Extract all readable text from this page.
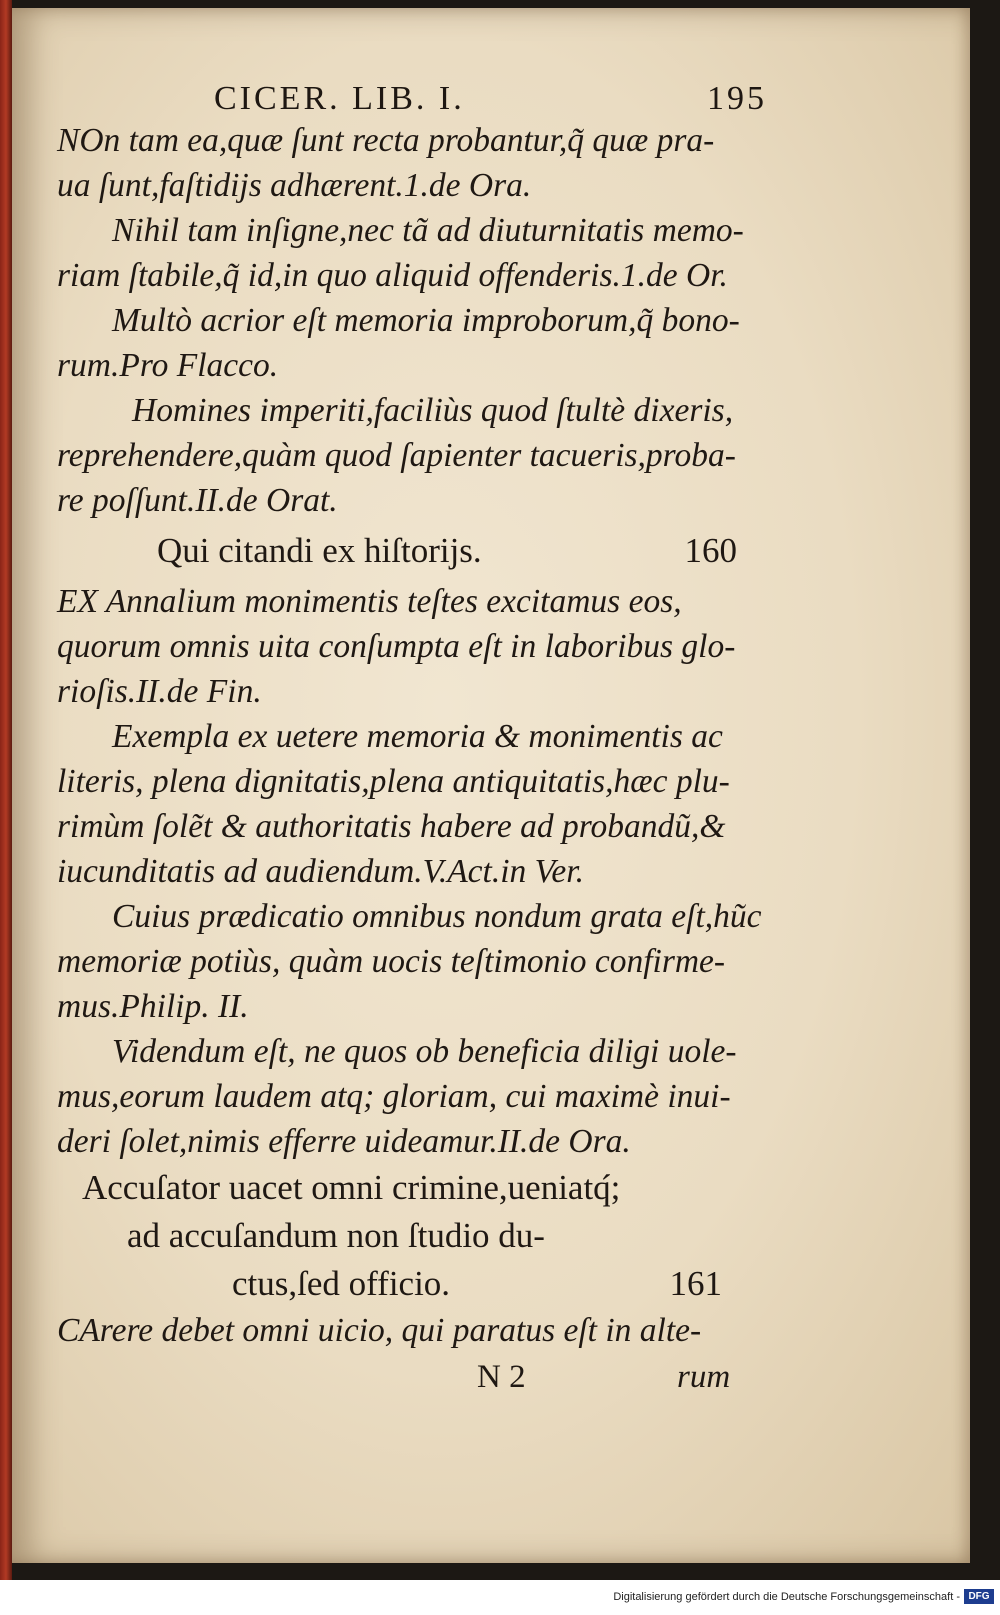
CICER. LIB. I.	195
NOn tam ea,quæ ſunt recta probantur,q̃ quæ pra-
ua ſunt,faſtidijs adhærent.1.de Ora.
Nihil tam inſigne,nec tã ad diuturnitatis memo-
riam ſtabile,q̃ id,in quo aliquid offenderis.1.de Or.
Multò acrior eſt memoria improborum,q̃ bono-
rum.Pro Flacco.
Homines imperiti,faciliùs quod ſtultè dixeris,
reprehendere,quàm quod ſapienter tacueris,proba-
re poſſunt.II.de Orat.
Qui citandi ex hiſtorijs.	160
EX Annalium monimentis teſtes excitamus eos,
quorum omnis uita conſumpta eſt in laboribus glo-
rioſis.II.de Fin.
Exempla ex uetere memoria & monimentis ac
literis, plena dignitatis,plena antiquitatis,hæc plu-
rimùm ſolẽt & authoritatis habere ad probandũ,&
iucunditatis ad audiendum.V.Act.in Ver.
Cuius prædicatio omnibus nondum grata eſt,hũc
memoriæ potiùs, quàm uocis teſtimonio confirme-
mus.Philip. II.
Videndum eſt, ne quos ob beneficia diligi uole-
mus,eorum laudem atq; gloriam, cui maximè inui-
deri ſolet,nimis efferre uideamur.II.de Ora.
Accuſator uacet omni crimine,ueniatq́;
ad accuſandum non ſtudio du-
ctus,ſed officio.	161
CArere debet omni uicio, qui paratus eſt in alte-
N 2	rum
Digitalisierung gefördert durch die Deutsche Forschungsgemeinschaft - DFG
